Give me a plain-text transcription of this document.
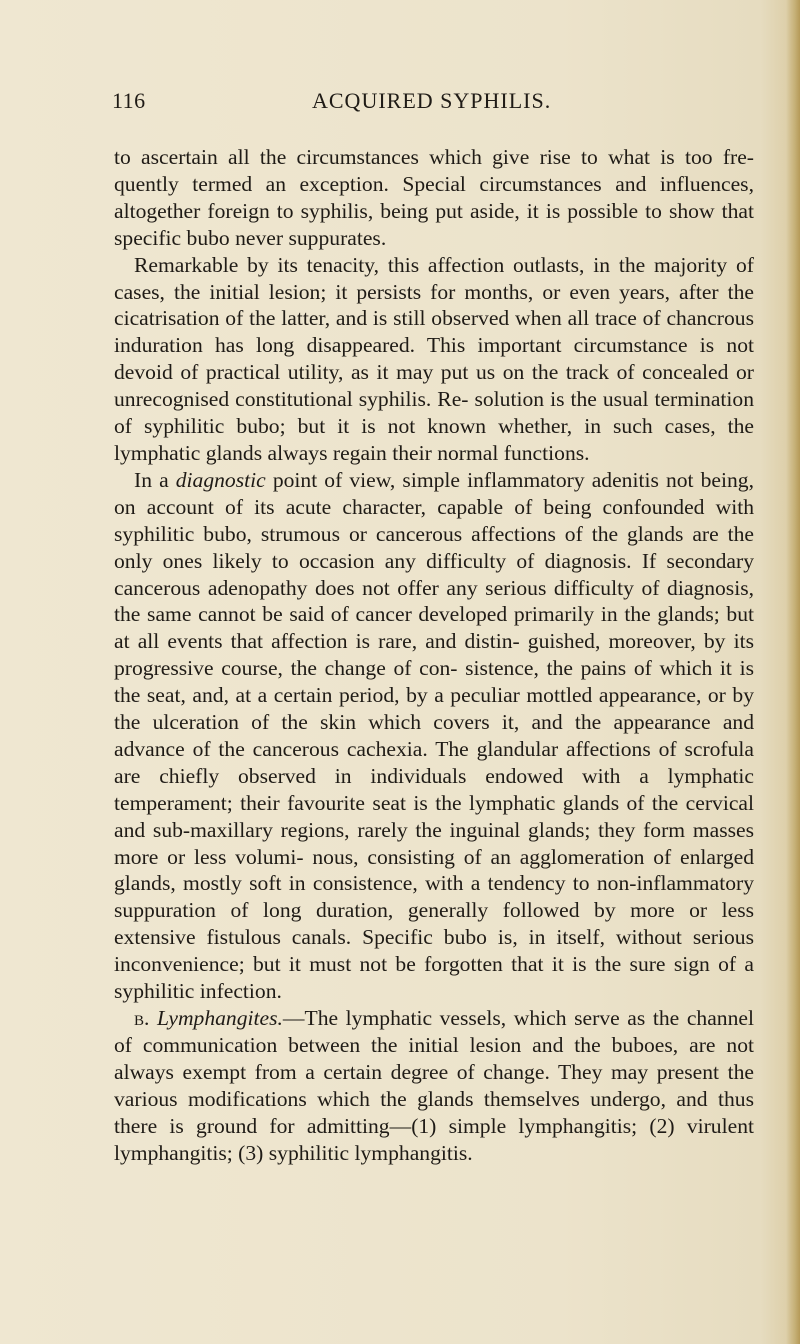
116	ACQUIRED SYPHILIS.

to ascertain all the circumstances which give rise to what is too fre- quently termed an exception. Special circumstances and influences, altogether foreign to syphilis, being put aside, it is possible to show that specific bubo never suppurates.

Remarkable by its tenacity, this affection outlasts, in the majority of cases, the initial lesion; it persists for months, or even years, after the cicatrisation of the latter, and is still observed when all trace of chancrous induration has long disappeared. This important circumstance is not devoid of practical utility, as it may put us on the track of concealed or unrecognised constitutional syphilis. Re- solution is the usual termination of syphilitic bubo; but it is not known whether, in such cases, the lymphatic glands always regain their normal functions.

In a diagnostic point of view, simple inflammatory adenitis not being, on account of its acute character, capable of being confounded with syphilitic bubo, strumous or cancerous affections of the glands are the only ones likely to occasion any difficulty of diagnosis. If secondary cancerous adenopathy does not offer any serious difficulty of diagnosis, the same cannot be said of cancer developed primarily in the glands; but at all events that affection is rare, and distin- guished, moreover, by its progressive course, the change of con- sistence, the pains of which it is the seat, and, at a certain period, by a peculiar mottled appearance, or by the ulceration of the skin which covers it, and the appearance and advance of the cancerous cachexia. The glandular affections of scrofula are chiefly observed in individuals endowed with a lymphatic temperament; their favourite seat is the lymphatic glands of the cervical and sub-maxillary regions, rarely the inguinal glands; they form masses more or less volumi- nous, consisting of an agglomeration of enlarged glands, mostly soft in consistence, with a tendency to non-inflammatory suppuration of long duration, generally followed by more or less extensive fistulous canals. Specific bubo is, in itself, without serious inconvenience; but it must not be forgotten that it is the sure sign of a syphilitic infection.

b. Lymphangites.—The lymphatic vessels, which serve as the channel of communication between the initial lesion and the buboes, are not always exempt from a certain degree of change. They may present the various modifications which the glands themselves undergo, and thus there is ground for admitting—(1) simple lymphangitis; (2) virulent lymphangitis; (3) syphilitic lymphangitis.
